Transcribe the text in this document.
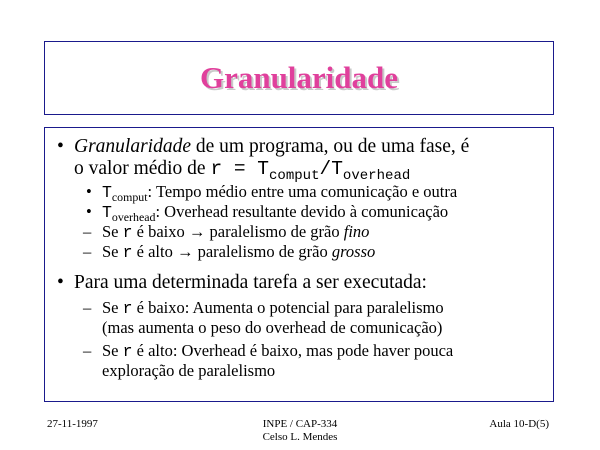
Granularidade
• Granularidade de um programa, ou de uma fase, é
o valor médio de $r = T_{comput}/T_{overhead}$
• $T_{comput}$: Tempo médio entre uma comunicação e outra
• $T_{overhead}$: Overhead resultante devido à comunicação
– Se r é baixo → paralelismo de grão fino
– Se r é alto → paralelismo de grão grosso
• Para uma determinada tarefa a ser executada:
– Se r é baixo: Aumenta o potencial para paralelismo
(mas aumenta o peso do overhead de comunicação)
– Se r é alto: Overhead é baixo, mas pode haver pouca
exploração de paralelismo
27-11-1997	INPE / CAP-334
Celso L. Mendes
Aula 10-D(5)
